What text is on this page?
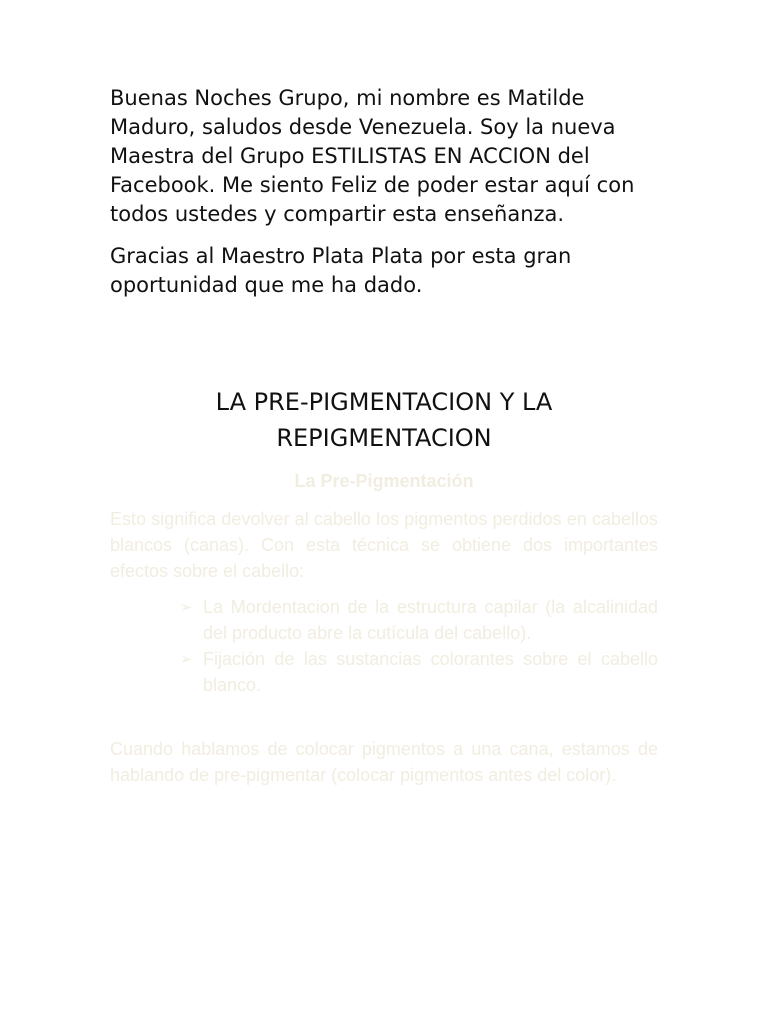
Buenas Noches Grupo, mi nombre es Matilde Maduro, saludos desde Venezuela. Soy la nueva Maestra del Grupo ESTILISTAS EN ACCION del Facebook. Me siento Feliz de poder estar aquí con todos ustedes y compartir esta enseñanza.

Gracias al Maestro Plata Plata por esta gran oportunidad que me ha dado.

LA PRE-PIGMENTACION Y LA REPIGMENTACION
La Pre-Pigmentación

Esto significa devolver al cabello los pigmentos perdidos en cabellos blancos (canas). Con esta técnica se obtiene dos importantes efectos sobre el cabello:

➢ La Mordentacion de la estructura capilar (la alcalinidad del producto abre la cutícula del cabello).
➢ Fijación de las sustancias colorantes sobre el cabello blanco.

Cuando hablamos de colocar pigmentos a una cana, estamos de hablando de pre-pigmentar (colocar pigmentos antes del color).
